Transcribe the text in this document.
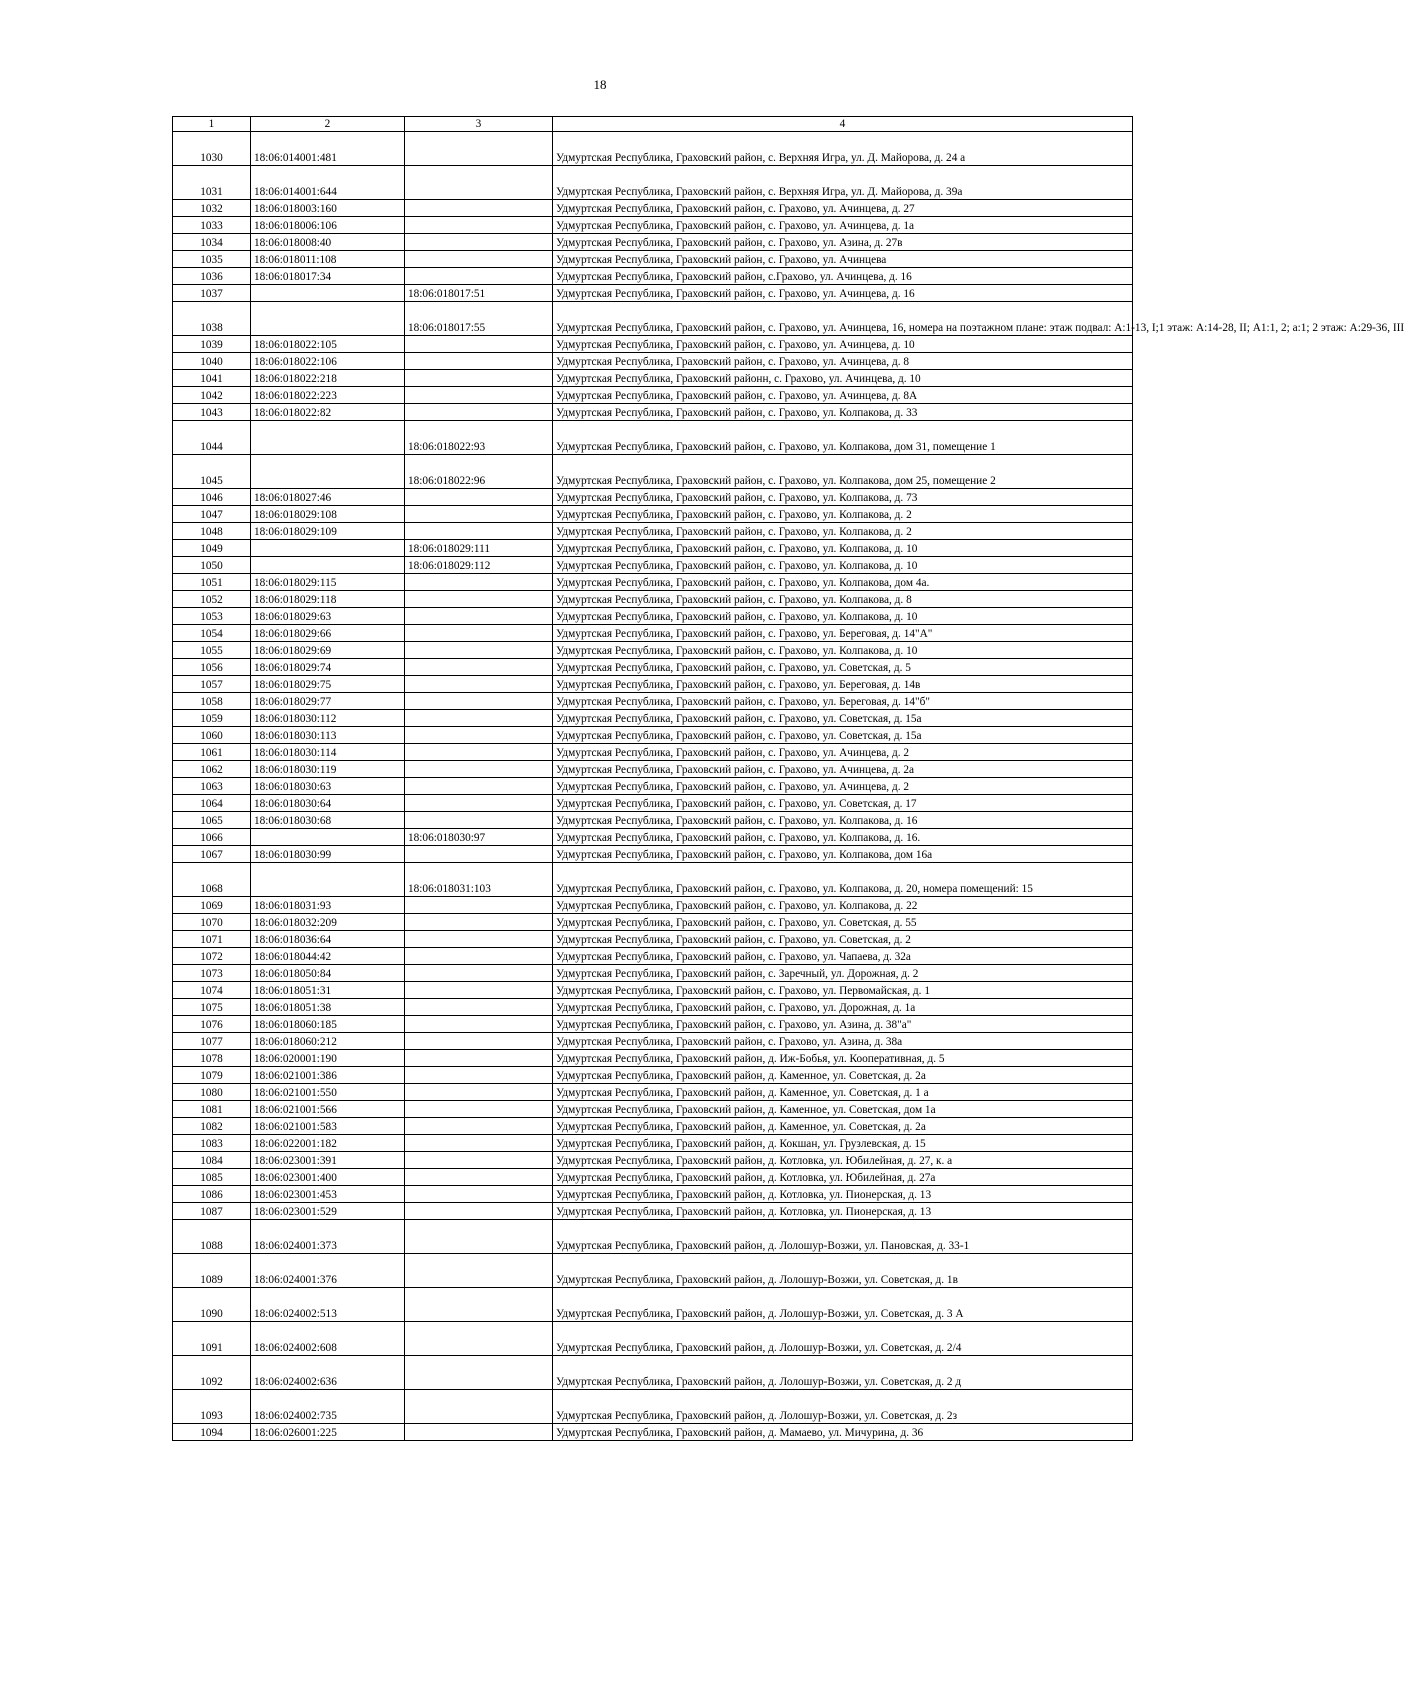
18
1	2	3	4
1030	18:06:014001:481		Удмуртская Республика, Граховский район, с. Верхняя Игра, ул. Д. Майорова, д. 24 а
1031	18:06:014001:644		Удмуртская Республика, Граховский район, с. Верхняя Игра, ул. Д. Майорова, д. 39а
1032	18:06:018003:160		Удмуртская Республика, Граховский район, с. Грахово, ул. Ачинцева, д. 27
1033	18:06:018006:106		Удмуртская Республика, Граховский район, с. Грахово, ул. Ачинцева, д. 1а
1034	18:06:018008:40		Удмуртская Республика, Граховский район, с. Грахово, ул. Азина, д. 27в
1035	18:06:018011:108		Удмуртская Республика, Граховский район, с. Грахово, ул. Ачинцева
1036	18:06:018017:34		Удмуртская Республика, Граховский район, с.Грахово, ул. Ачинцева, д. 16
1037		18:06:018017:51	Удмуртская Республика, Граховский район, с. Грахово, ул. Ачинцева, д. 16
1038		18:06:018017:55	Удмуртская Республика, Граховский район, с. Грахово, ул. Ачинцева, 16, номера на поэтажном плане: этаж подвал: А:1-13, I;1 этаж: А:14-28, II; А1:1, 2; а:1; 2 этаж: А:29-36, III
1039	18:06:018022:105		Удмуртская Республика, Граховский район, с. Грахово, ул. Ачинцева, д. 10
1040	18:06:018022:106		Удмуртская Республика, Граховский район, с. Грахово, ул. Ачинцева, д. 8
1041	18:06:018022:218		Удмуртская Республика, Граховский районн, с. Грахово, ул. Ачинцева, д. 10
1042	18:06:018022:223		Удмуртская Республика, Граховский район, с. Грахово, ул. Ачинцева, д. 8А
1043	18:06:018022:82		Удмуртская Республика, Граховский район, с. Грахово, ул. Колпакова, д. 33
1044		18:06:018022:93	Удмуртская Республика, Граховский район, с. Грахово, ул. Колпакова, дом 31, помещение 1
1045		18:06:018022:96	Удмуртская Республика, Граховский район, с. Грахово, ул. Колпакова, дом 25, помещение 2
1046	18:06:018027:46		Удмуртская Республика, Граховский район, с. Грахово, ул. Колпакова, д. 73
1047	18:06:018029:108		Удмуртская Республика, Граховский район, с. Грахово, ул. Колпакова, д. 2
1048	18:06:018029:109		Удмуртская Республика, Граховский район, с. Грахово, ул. Колпакова, д. 2
1049		18:06:018029:111	Удмуртская Республика, Граховский район, с. Грахово, ул. Колпакова, д. 10
1050		18:06:018029:112	Удмуртская Республика, Граховский район, с. Грахово, ул. Колпакова, д. 10
1051	18:06:018029:115		Удмуртская Республика, Граховский район, с. Грахово, ул. Колпакова, дом 4а.
1052	18:06:018029:118		Удмуртская Республика, Граховский район, с. Грахово, ул. Колпакова, д. 8
1053	18:06:018029:63		Удмуртская Республика, Граховский район, с. Грахово, ул. Колпакова, д. 10
1054	18:06:018029:66		Удмуртская Республика, Граховский район, с. Грахово, ул. Береговая, д. 14"А"
1055	18:06:018029:69		Удмуртская Республика, Граховский район, с. Грахово, ул. Колпакова, д. 10
1056	18:06:018029:74		Удмуртская Республика, Граховский район, с. Грахово, ул. Советская, д. 5
1057	18:06:018029:75		Удмуртская Республика, Граховский район, с. Грахово, ул. Береговая, д. 14в
1058	18:06:018029:77		Удмуртская Республика, Граховский район, с. Грахово, ул. Береговая, д. 14"б"
1059	18:06:018030:112		Удмуртская Республика, Граховский район, с. Грахово, ул. Советская, д. 15а
1060	18:06:018030:113		Удмуртская Республика, Граховский район, с. Грахово, ул. Советская, д. 15а
1061	18:06:018030:114		Удмуртская Республика, Граховский район, с. Грахово, ул. Ачинцева, д. 2
1062	18:06:018030:119		Удмуртская Республика, Граховский район, с. Грахово, ул. Ачинцева, д. 2а
1063	18:06:018030:63		Удмуртская Республика, Граховский район, с. Грахово, ул. Ачинцева, д. 2
1064	18:06:018030:64		Удмуртская Республика, Граховский район, с. Грахово, ул. Советская, д. 17
1065	18:06:018030:68		Удмуртская Республика, Граховский район, с. Грахово, ул. Колпакова, д. 16
1066		18:06:018030:97	Удмуртская Республика, Граховский район, с. Грахово, ул. Колпакова, д. 16.
1067	18:06:018030:99		Удмуртская Республика, Граховский район, с. Грахово, ул. Колпакова, дом 16а
1068		18:06:018031:103	Удмуртская Республика, Граховский район, с. Грахово, ул. Колпакова, д. 20, номера помещений: 15
1069	18:06:018031:93		Удмуртская Республика, Граховский район, с. Грахово, ул. Колпакова, д. 22
1070	18:06:018032:209		Удмуртская Республика, Граховский район, с. Грахово, ул. Советская, д. 55
1071	18:06:018036:64		Удмуртская Республика, Граховский район, с. Грахово, ул. Советская, д. 2
1072	18:06:018044:42		Удмуртская Республика, Граховский район, с. Грахово, ул. Чапаева, д. 32а
1073	18:06:018050:84		Удмуртская Республика, Граховский район, с. Заречный, ул. Дорожная, д. 2
1074	18:06:018051:31		Удмуртская Республика, Граховский район, с. Грахово, ул. Первомайская, д. 1
1075	18:06:018051:38		Удмуртская Республика, Граховский район, с. Грахово, ул. Дорожная, д. 1а
1076	18:06:018060:185		Удмуртская Республика, Граховский район, с. Грахово, ул. Азина, д. 38"а"
1077	18:06:018060:212		Удмуртская Республика, Граховский район, с. Грахово, ул. Азина, д. 38а
1078	18:06:020001:190		Удмуртская Республика, Граховский район, д. Иж-Бобья, ул. Кооперативная, д. 5
1079	18:06:021001:386		Удмуртская Республика, Граховский район, д. Каменное, ул. Советская, д. 2а
1080	18:06:021001:550		Удмуртская Республика, Граховский район, д. Каменное, ул. Советская, д. 1 а
1081	18:06:021001:566		Удмуртская Республика, Граховский район, д. Каменное, ул. Советская, дом 1а
1082	18:06:021001:583		Удмуртская Республика, Граховский район, д. Каменное, ул. Советская, д. 2а
1083	18:06:022001:182		Удмуртская Республика, Граховский район, д. Кокшан, ул. Грузлевская, д. 15
1084	18:06:023001:391		Удмуртская Республика, Граховский район, д. Котловка, ул. Юбилейная, д. 27, к. а
1085	18:06:023001:400		Удмуртская Республика, Граховский район, д. Котловка, ул. Юбилейная, д. 27а
1086	18:06:023001:453		Удмуртская Республика, Граховский район, д. Котловка, ул. Пионерская, д. 13
1087	18:06:023001:529		Удмуртская Республика, Граховский район, д. Котловка, ул. Пионерская, д. 13
1088	18:06:024001:373		Удмуртская Республика, Граховский район, д. Лолошур-Возжи, ул. Пановская, д. 33-1
1089	18:06:024001:376		Удмуртская Республика, Граховский район, д. Лолошур-Возжи, ул. Советская, д. 1в
1090	18:06:024002:513		Удмуртская Республика, Граховский район, д. Лолошур-Возжи, ул. Советская, д. 3 А
1091	18:06:024002:608		Удмуртская Республика, Граховский район, д. Лолошур-Возжи, ул. Советская, д. 2/4
1092	18:06:024002:636		Удмуртская Республика, Граховский район, д. Лолошур-Возжи, ул. Советская, д. 2 д
1093	18:06:024002:735		Удмуртская Республика, Граховский район, д. Лолошур-Возжи, ул. Советская, д. 2з
1094	18:06:026001:225		Удмуртская Республика, Граховский район, д. Мамаево, ул. Мичурина, д. 36
